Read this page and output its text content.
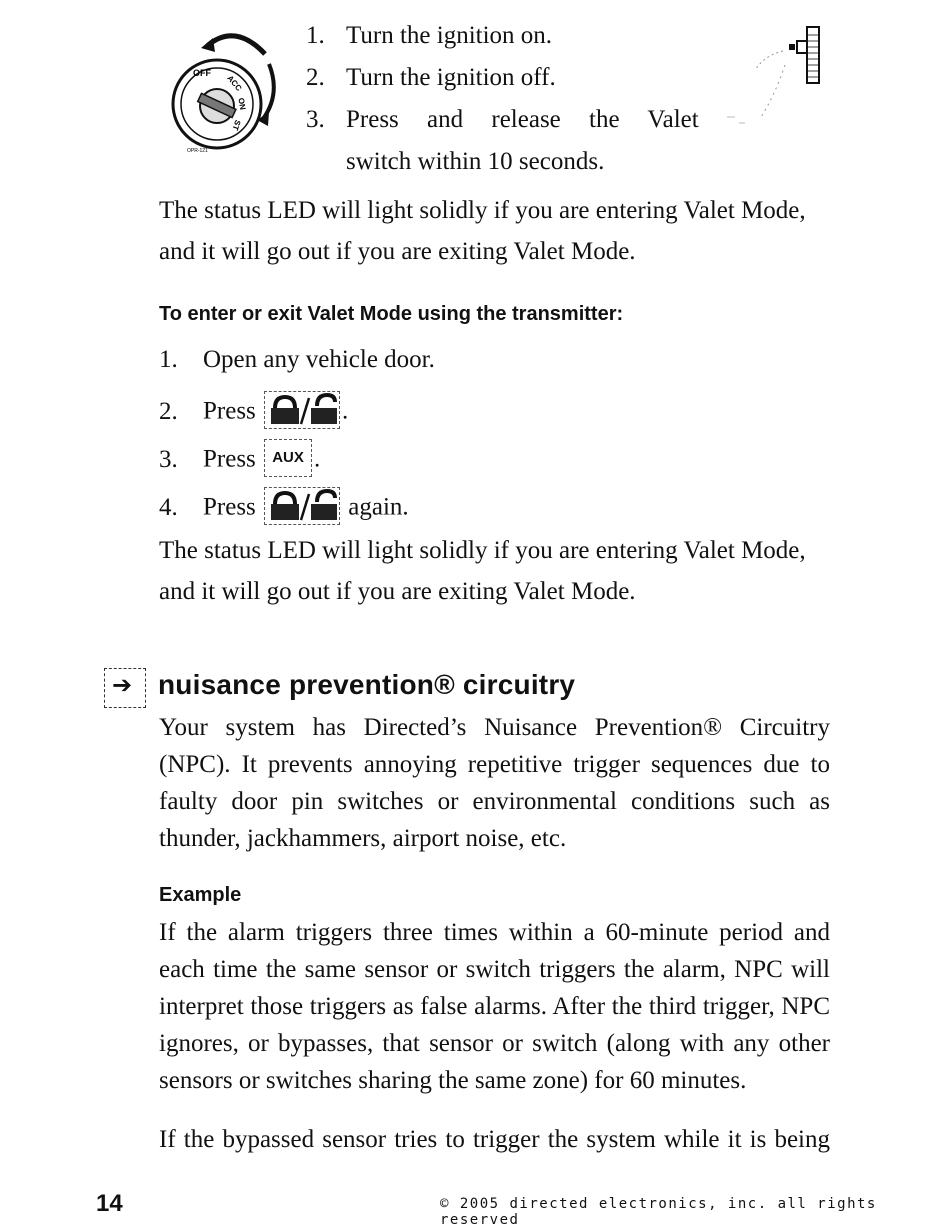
OFF
ACC
ON
ST
OPR-121
1. Turn the ignition on.
2. Turn the ignition off.
3. Press and release the Valet
switch within 10 seconds.
The status LED will light solidly if you are entering Valet Mode,
and it will go out if you are exiting Valet Mode.
To enter or exit Valet Mode using the transmitter:
1. Open any vehicle door.
2. Press	.
3. Press AUX .
4. Press	again.
The status LED will light solidly if you are entering Valet Mode,
and it will go out if you are exiting Valet Mode.
➔ nuisance prevention® circuitry
Your system has Directed’s Nuisance Prevention® Circuitry
(NPC). It prevents annoying repetitive trigger sequences due to
faulty door pin switches or environmental conditions such as
thunder, jackhammers, airport noise, etc.
Example
If the alarm triggers three times within a 60-minute period and
each time the same sensor or switch triggers the alarm, NPC will
interpret those triggers as false alarms. After the third trigger, NPC
ignores, or bypasses, that sensor or switch (along with any other
sensors or switches sharing the same zone) for 60 minutes.
If the bypassed sensor tries to trigger the system while it is being

14	© 2005 directed electronics, inc. all rights reserved
